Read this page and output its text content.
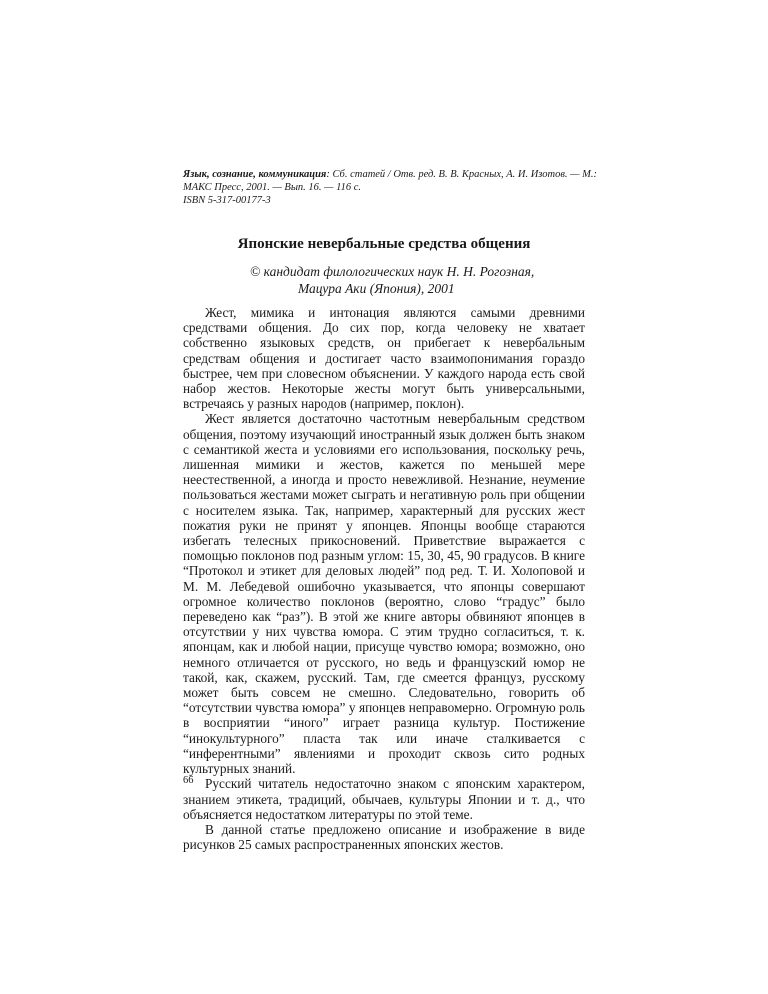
Язык, сознание, коммуникация: Сб. статей / Отв. ред. В. В. Красных, А. И. Изотов. — М.:
МАКС Пресс, 2001. — Вып. 16. — 116 с.
ISBN 5-317-00177-3
Японские невербальные средства общения
© кандидат филологических наук Н. Н. Рогозная,
Мацура Аки (Япония), 2001

Жест, мимика и интонация являются самыми древними средствами общения. До сих пор, когда человеку не хватает собственно языковых средств, он прибегает к невербальным средствам общения и достигает часто взаимопонимания гораздо быстрее, чем при словесном объяснении. У каждого народа есть свой набор жестов. Некоторые жесты могут быть универсальными, встречаясь у разных народов (например, поклон).

Жест является достаточно частотным невербальным средством общения, поэтому изучающий иностранный язык должен быть знаком с семантикой жеста и условиями его использования, поскольку речь, лишенная мимики и жестов, кажется по меньшей мере неестественной, а иногда и просто невежливой. Незнание, неумение пользоваться жестами может сыграть и негативную роль при общении с носителем языка. Так, например, характерный для русских жест пожатия руки не принят у японцев. Японцы вообще стараются избегать телесных прикосновений. Приветствие выражается с помощью поклонов под разным углом: 15, 30, 45, 90 градусов. В книге “Протокол и этикет для деловых людей” под ред. Т. И. Холоповой и М. М. Лебедевой ошибочно указывается, что японцы совершают огромное количество поклонов (вероятно, слово “градус” было переведено как “раз”). В этой же книге авторы обвиняют японцев в отсутствии у них чувства юмора. С этим трудно согласиться, т. к. японцам, как и любой нации, присуще чувство юмора; возможно, оно немного отличается от русского, но ведь и французский юмор не такой, как, скажем, русский. Там, где смеется француз, русскому может быть совсем не смешно. Следовательно, говорить об “отсутствии чувства юмора” у японцев неправомерно. Огромную роль в восприятии “иного” играет разница культур. Постижение “инокультурного” пласта так или иначе сталкивается с “инферентными” явлениями и проходит сквозь сито родных культурных знаний.

Русский читатель недостаточно знаком с японским характером, знанием этикета, традиций, обычаев, культуры Японии и т. д., что объясняется недостатком литературы по этой теме.

В данной статье предложено описание и изображение в виде рисунков 25 самых распространенных японских жестов.

66
